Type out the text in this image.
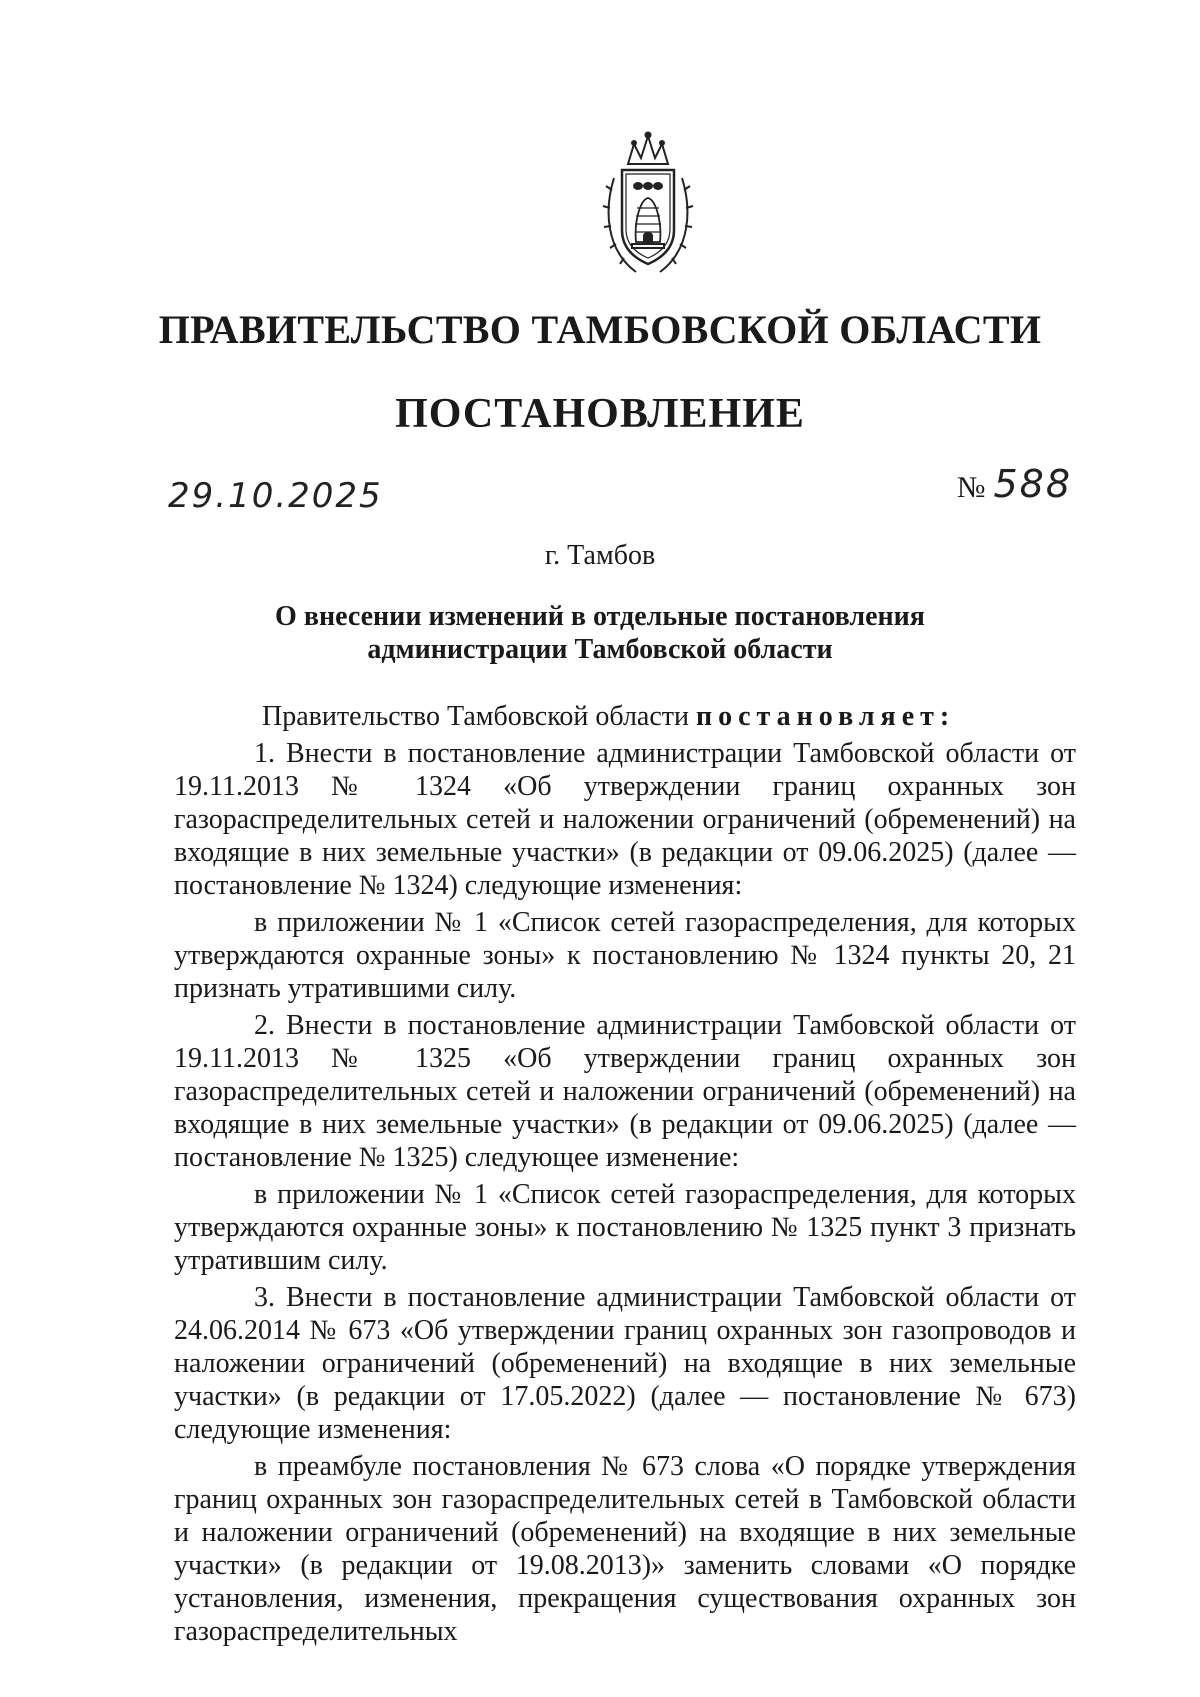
ПРАВИТЕЛЬСТВО ТАМБОВСКОЙ ОБЛАСТИ
ПОСТАНОВЛЕНИЕ
29.10.2025	№ 588
г. Тамбов
О внесении изменений в отдельные постановления
администрации Тамбовской области

Правительство Тамбовской области постановляет:

1. Внести в постановление администрации Тамбовской области от 19.11.2013 № 1324 «Об утверждении границ охранных зон газораспределительных сетей и наложении ограничений (обременений) на входящие в них земельные участки» (в редакции от 09.06.2025) (далее — постановление № 1324) следующие изменения:

в приложении № 1 «Список сетей газораспределения, для которых утверждаются охранные зоны» к постановлению № 1324 пункты 20, 21 признать утратившими силу.

2. Внести в постановление администрации Тамбовской области от 19.11.2013 № 1325 «Об утверждении границ охранных зон газораспределительных сетей и наложении ограничений (обременений) на входящие в них земельные участки» (в редакции от 09.06.2025) (далее — постановление № 1325) следующее изменение:

в приложении № 1 «Список сетей газораспределения, для которых утверждаются охранные зоны» к постановлению № 1325 пункт 3 признать утратившим силу.

3. Внести в постановление администрации Тамбовской области от 24.06.2014 № 673 «Об утверждении границ охранных зон газопроводов и наложении ограничений (обременений) на входящие в них земельные участки» (в редакции от 17.05.2022) (далее — постановление № 673) следующие изменения:

в преамбуле постановления № 673 слова «О порядке утверждения границ охранных зон газораспределительных сетей в Тамбовской области и наложении ограничений (обременений) на входящие в них земельные участки» (в редакции от 19.08.2013)» заменить словами «О порядке установления, изменения, прекращения существования охранных зон газораспределительных
